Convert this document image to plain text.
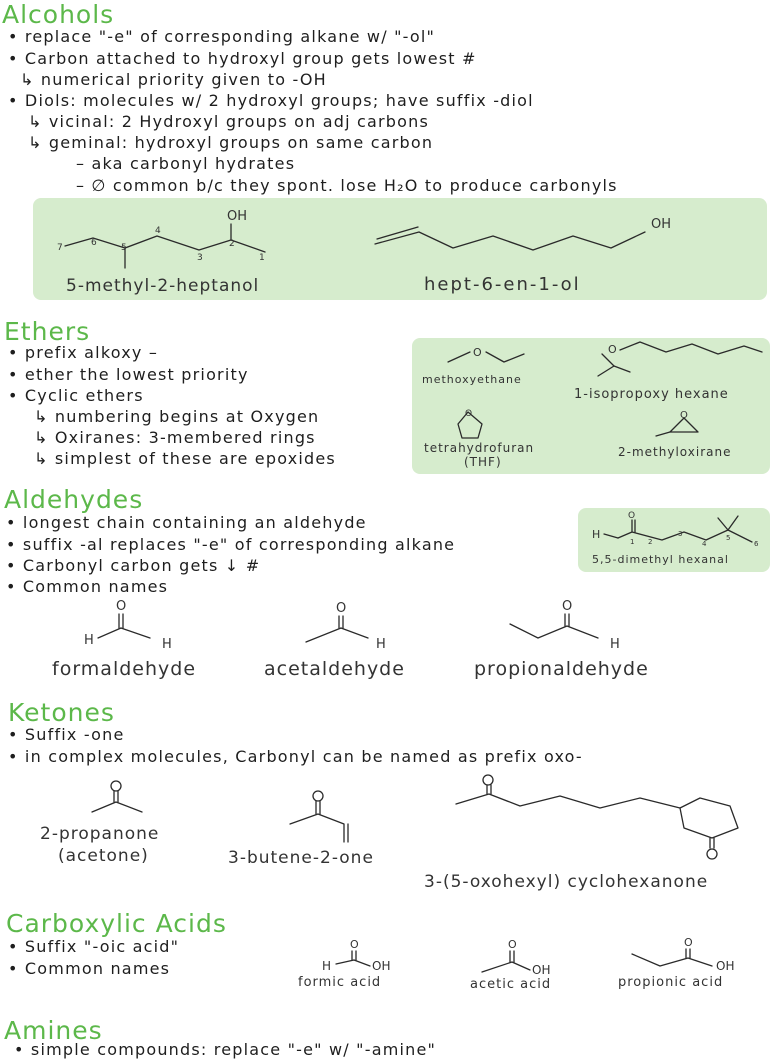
Alcohols
• replace "-e" of corresponding alkane w/ "-ol"
• Carbon attached to hydroxyl group gets lowest #
↳ numerical priority given to -OH
• Diols: molecules w/ 2 hydroxyl groups; have suffix -diol
↳ vicinal: 2 Hydroxyl groups on adj carbons
↳ geminal: hydroxyl groups on same carbon
– aka carbonyl hydrates
– ∅ common b/c they spont. lose H₂O to produce carbonyls
OH
7	6	5
4
3
2
1
OH
5-methyl-2-heptanol	hept-6-en-1-ol
Ethers
• prefix alkoxy –
• ether the lowest priority
• Cyclic ethers
↳ numbering begins at Oxygen
↳ Oxiranes: 3-membered rings
↳ simplest of these are epoxides
O	O
O	O
methoxyethane
1-isopropoxy hexane
tetrahydrofuran
(THF)
2-methyloxirane
Aldehydes
• longest chain containing an aldehyde
• suffix -al replaces "-e" of corresponding alkane
• Carbonyl carbon gets ↓ #
• Common names
H
O
1 2
3
4
5
6
5,5-dimethyl hexanal
O
H	H
O
H
O
H
formaldehyde	acetaldehyde	propionaldehyde
Ketones
• Suffix -one
• in complex molecules, Carbonyl can be named as prefix oxo-
2-propanone
(acetone)	3-butene-2-one
3-(5-oxohexyl) cyclohexanone
Carboxylic Acids
• Suffix "-oic acid"
• Common names
O
H	OH
O
OH
O
OH
formic acid	acetic acid	propionic acid
Amines
• simple compounds: replace "-e" w/ "-amine"
